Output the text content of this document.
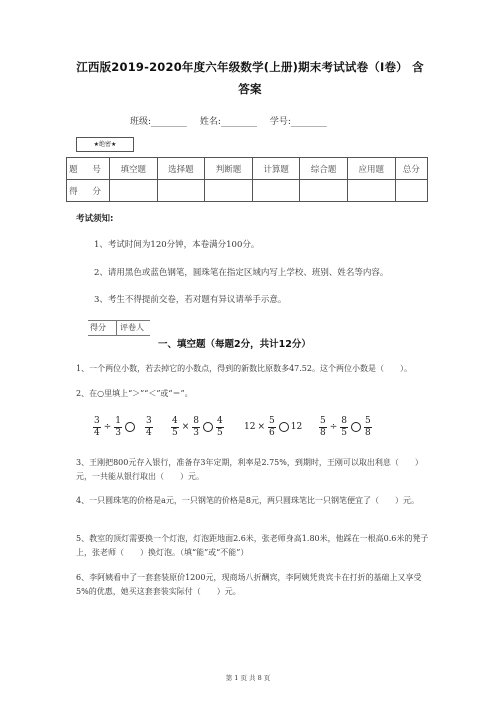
江西版2019-2020年度六年级数学(上册)期末考试试卷（I卷） 含
答案
班级:________ 姓名:________ 学号:________
★绝密★
题 号	填空题	选择题	判断题	计算题	综合题	应用题	总分
得 分							
考试须知:
1、考试时间为120分钟，本卷满分100分。
2、请用黑色或蓝色钢笔，圆珠笔在指定区域内写上学校、班别、姓名等内容。
3、考生不得提前交卷，若对题有异议请举手示意。
得分 评卷人
一、填空题（每题2分，共计12分）
1、一个两位小数，若去掉它的小数点，得到的新数比原数多47.52。这个两位小数是（　　）。
2、在○里填上“＞”“＜”或“＝”。
$\frac{3}{4} \div \frac{1}{3}$	$\frac{3}{4} \frac{4}{5} \times \frac{8}{3} \frac{4}{5} 12 \times \frac{5}{6} 12 \frac{5}{8} \div \frac{8}{5} \frac{5}{8}$
3、王刚把800元存入银行，准备存3年定期，利率是2.75%，到期时，王刚可以取出利息（　　）元，一共能从银行取出（　　）元。
4、一只圆珠笔的价格是a元，一只钢笔的价格是8元，两只圆珠笔比一只钢笔便宜了（　　）元。
5、教室的顶灯需要换一个灯泡，灯泡距地面2.6米，张老师身高1.80米，他踩在一根高0.6米的凳子上，张老师（　　）换灯泡。（填“能”或“不能”）
6、李阿姨看中了一套套装原价1200元，现商场八折酬宾，李阿姨凭贵宾卡在打折的基础上又享受5%的优惠，她买这套套装实际付（　　）元。
第 1 页 共 8 页
